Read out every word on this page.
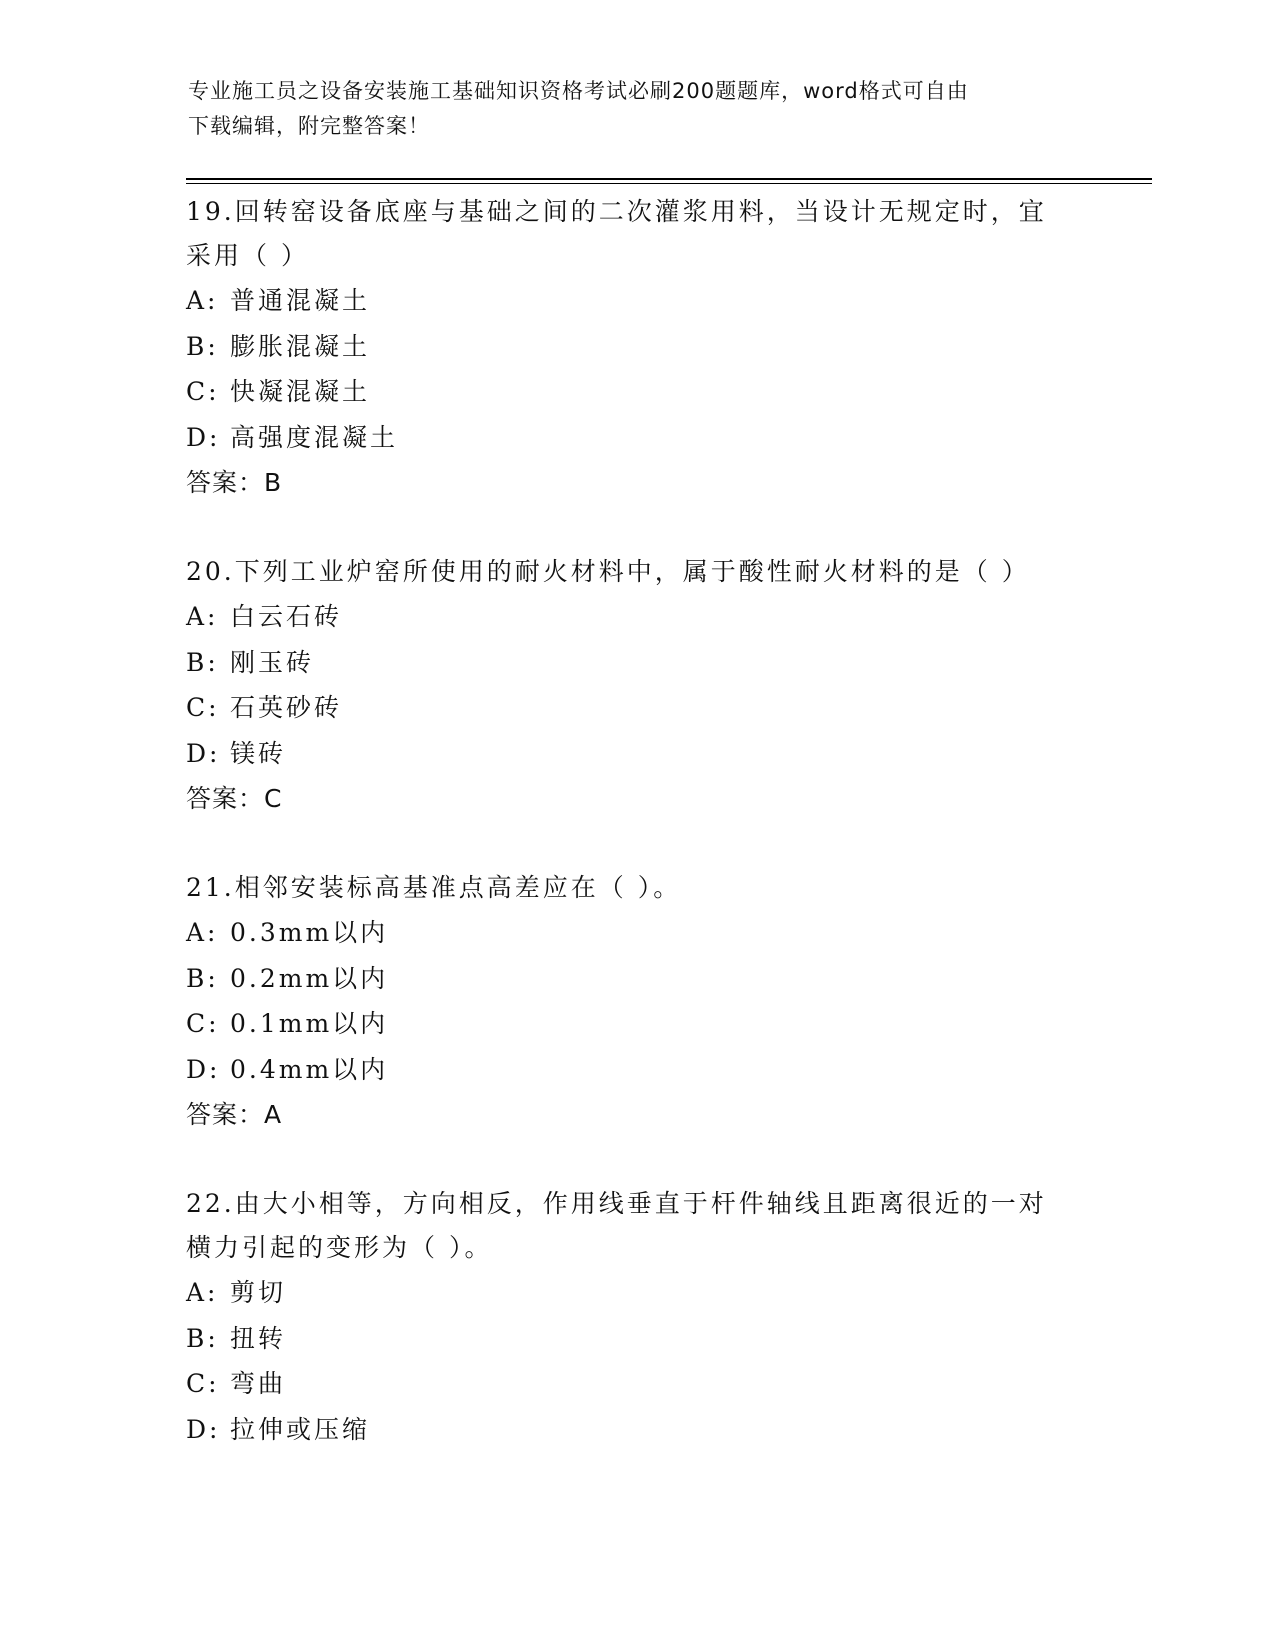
专业施工员之设备安装施工基础知识资格考试必刷200题题库，word格式可自由
下载编辑，附完整答案！

19.回转窑设备底座与基础之间的二次灌浆用料，当设计无规定时，宜

采用（ ）

A: 普通混凝土

B: 膨胀混凝土

C: 快凝混凝土

D: 高强度混凝土

答案：B

20.下列工业炉窑所使用的耐火材料中，属于酸性耐火材料的是（ ）

A: 白云石砖

B: 刚玉砖

C: 石英砂砖

D: 镁砖

答案：C

21.相邻安装标高基准点高差应在（ ）。

A: 0.3mm以内

B: 0.2mm以内

C: 0.1mm以内

D: 0.4mm以内

答案：A

22.由大小相等，方向相反，作用线垂直于杆件轴线且距离很近的一对

横力引起的变形为（ ）。

A: 剪切

B: 扭转

C: 弯曲

D: 拉伸或压缩
